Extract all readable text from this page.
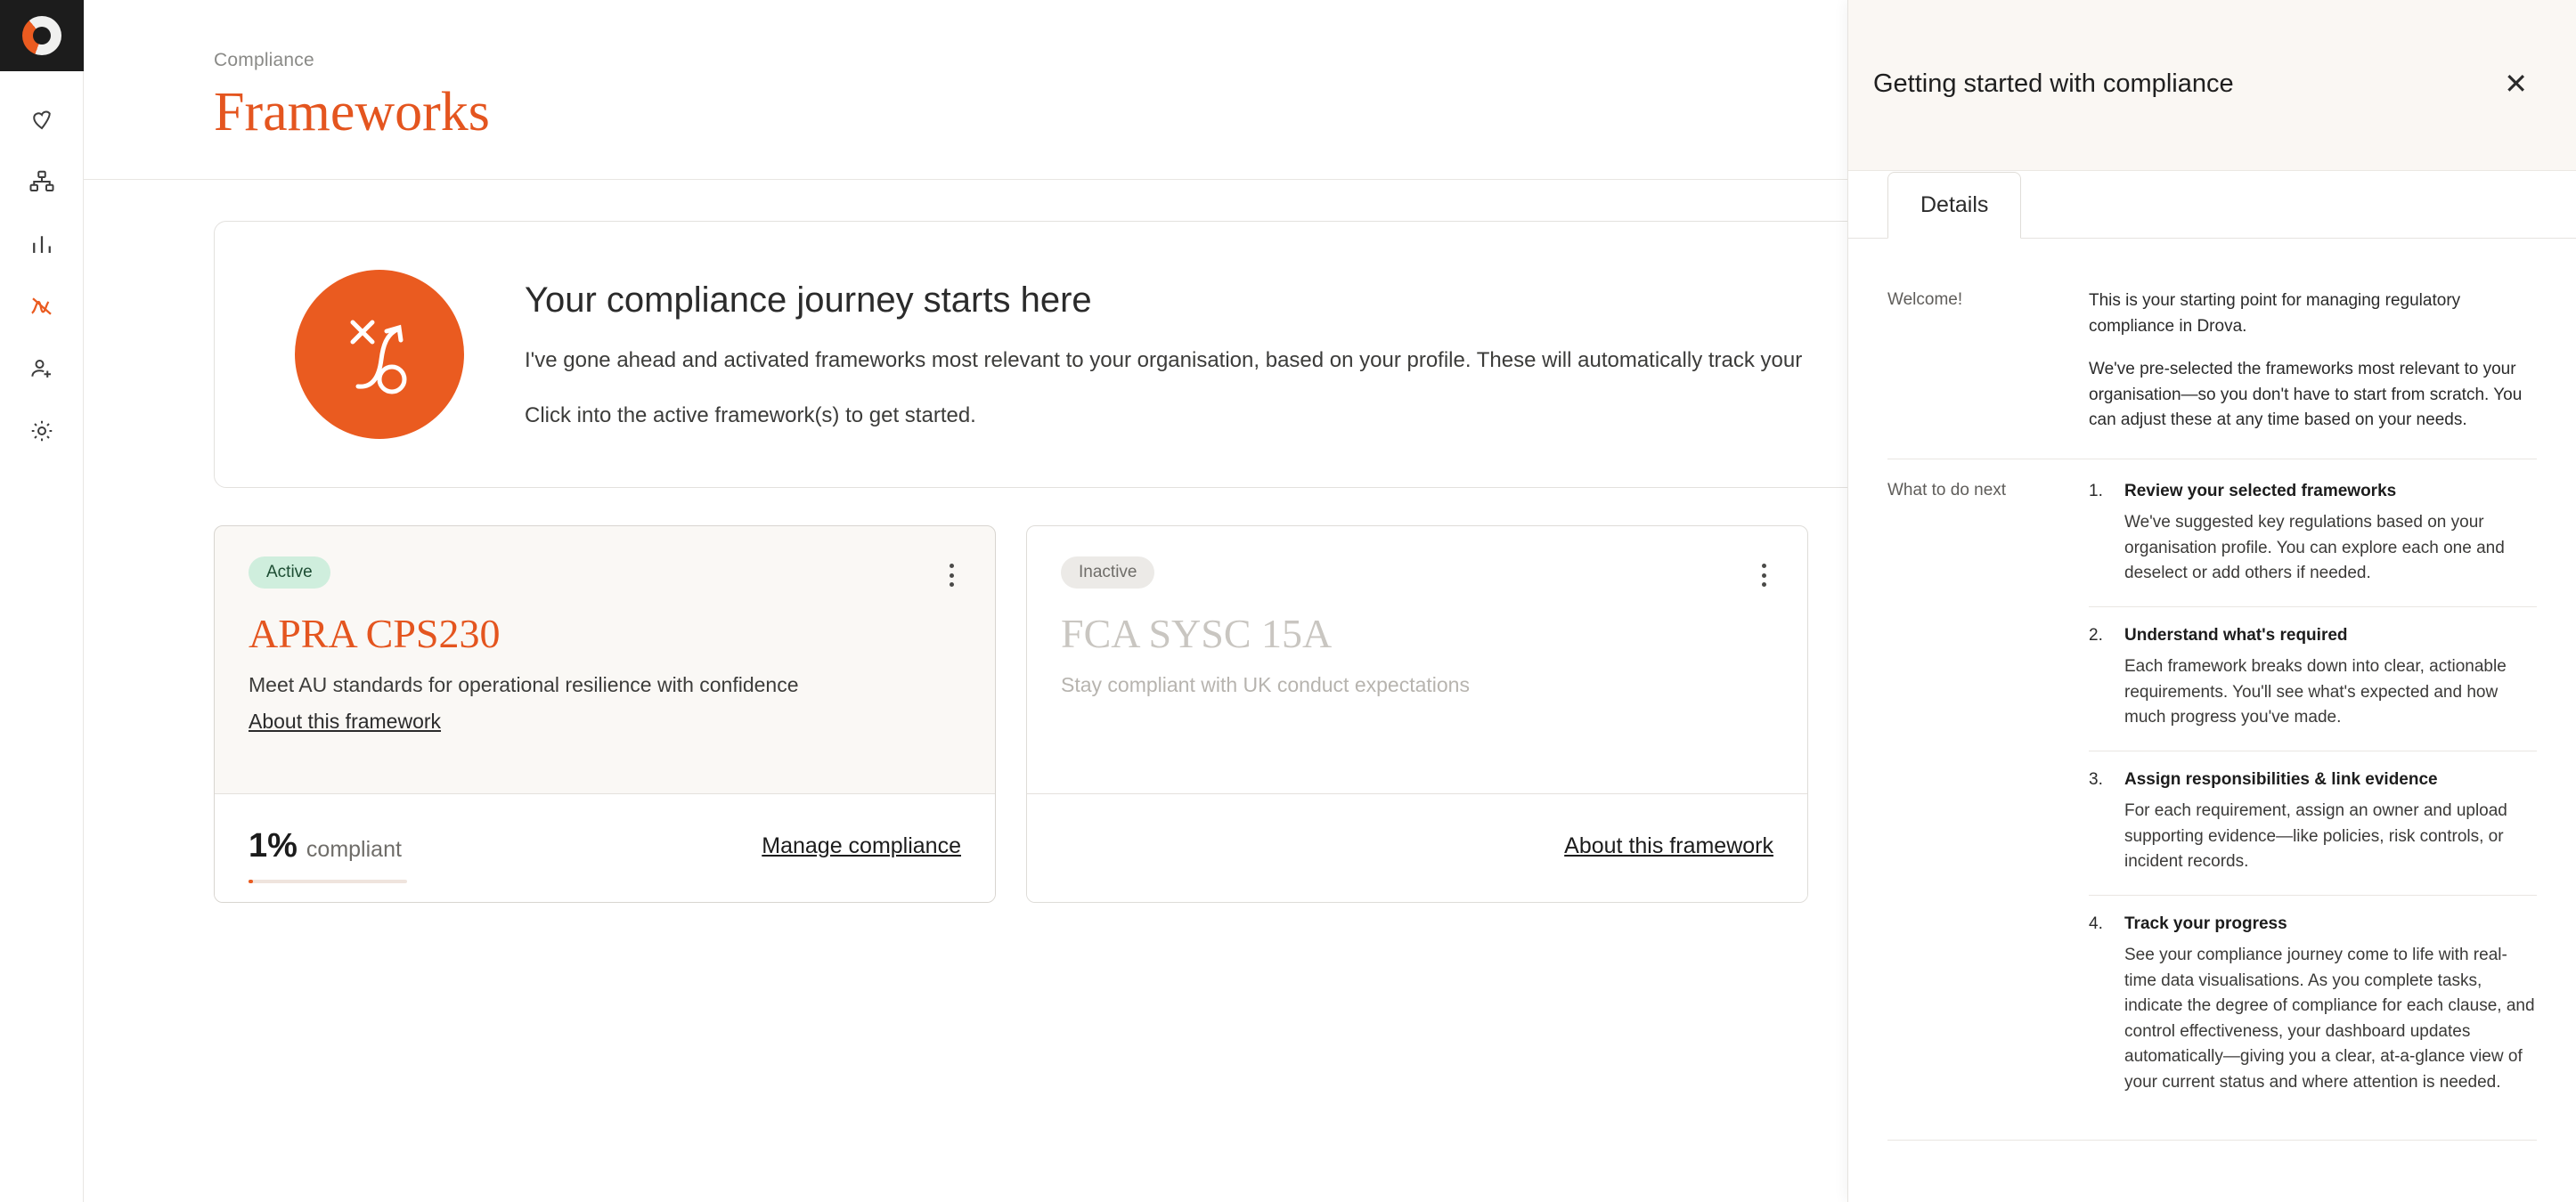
Compliance
Frameworks
Your compliance journey starts here
I've gone ahead and activated frameworks most relevant to your organisation, based on your profile. These will automatically track your
Click into the active framework(s) to get started.
Active
APRA CPS230
Meet AU standards for operational resilience with confidence
About this framework
1% compliant	Manage compliance
Inactive
FCA SYSC 15A
Stay compliant with UK conduct expectations
About this framework
Getting started with compliance	✕
Details
Welcome!	This is your starting point for managing regulatory compliance in Drova.

We've pre-selected the frameworks most relevant to your organisation—so you don't have to start from scratch. You can adjust these at any time based on your needs.

What to do next	1.	Review your selected frameworks
We've suggested key regulations based on your organisation profile. You can explore each one and deselect or add others if needed.
2.	Understand what's required
Each framework breaks down into clear, actionable requirements. You'll see what's expected and how much progress you've made.
3.	Assign responsibilities & link evidence
For each requirement, assign an owner and upload supporting evidence—like policies, risk controls, or incident records.
4.	Track your progress
See your compliance journey come to life with real-time data visualisations. As you complete tasks, indicate the degree of compliance for each clause, and control effectiveness, your dashboard updates automatically—giving you a clear, at-a-glance view of your current status and where attention is needed.
